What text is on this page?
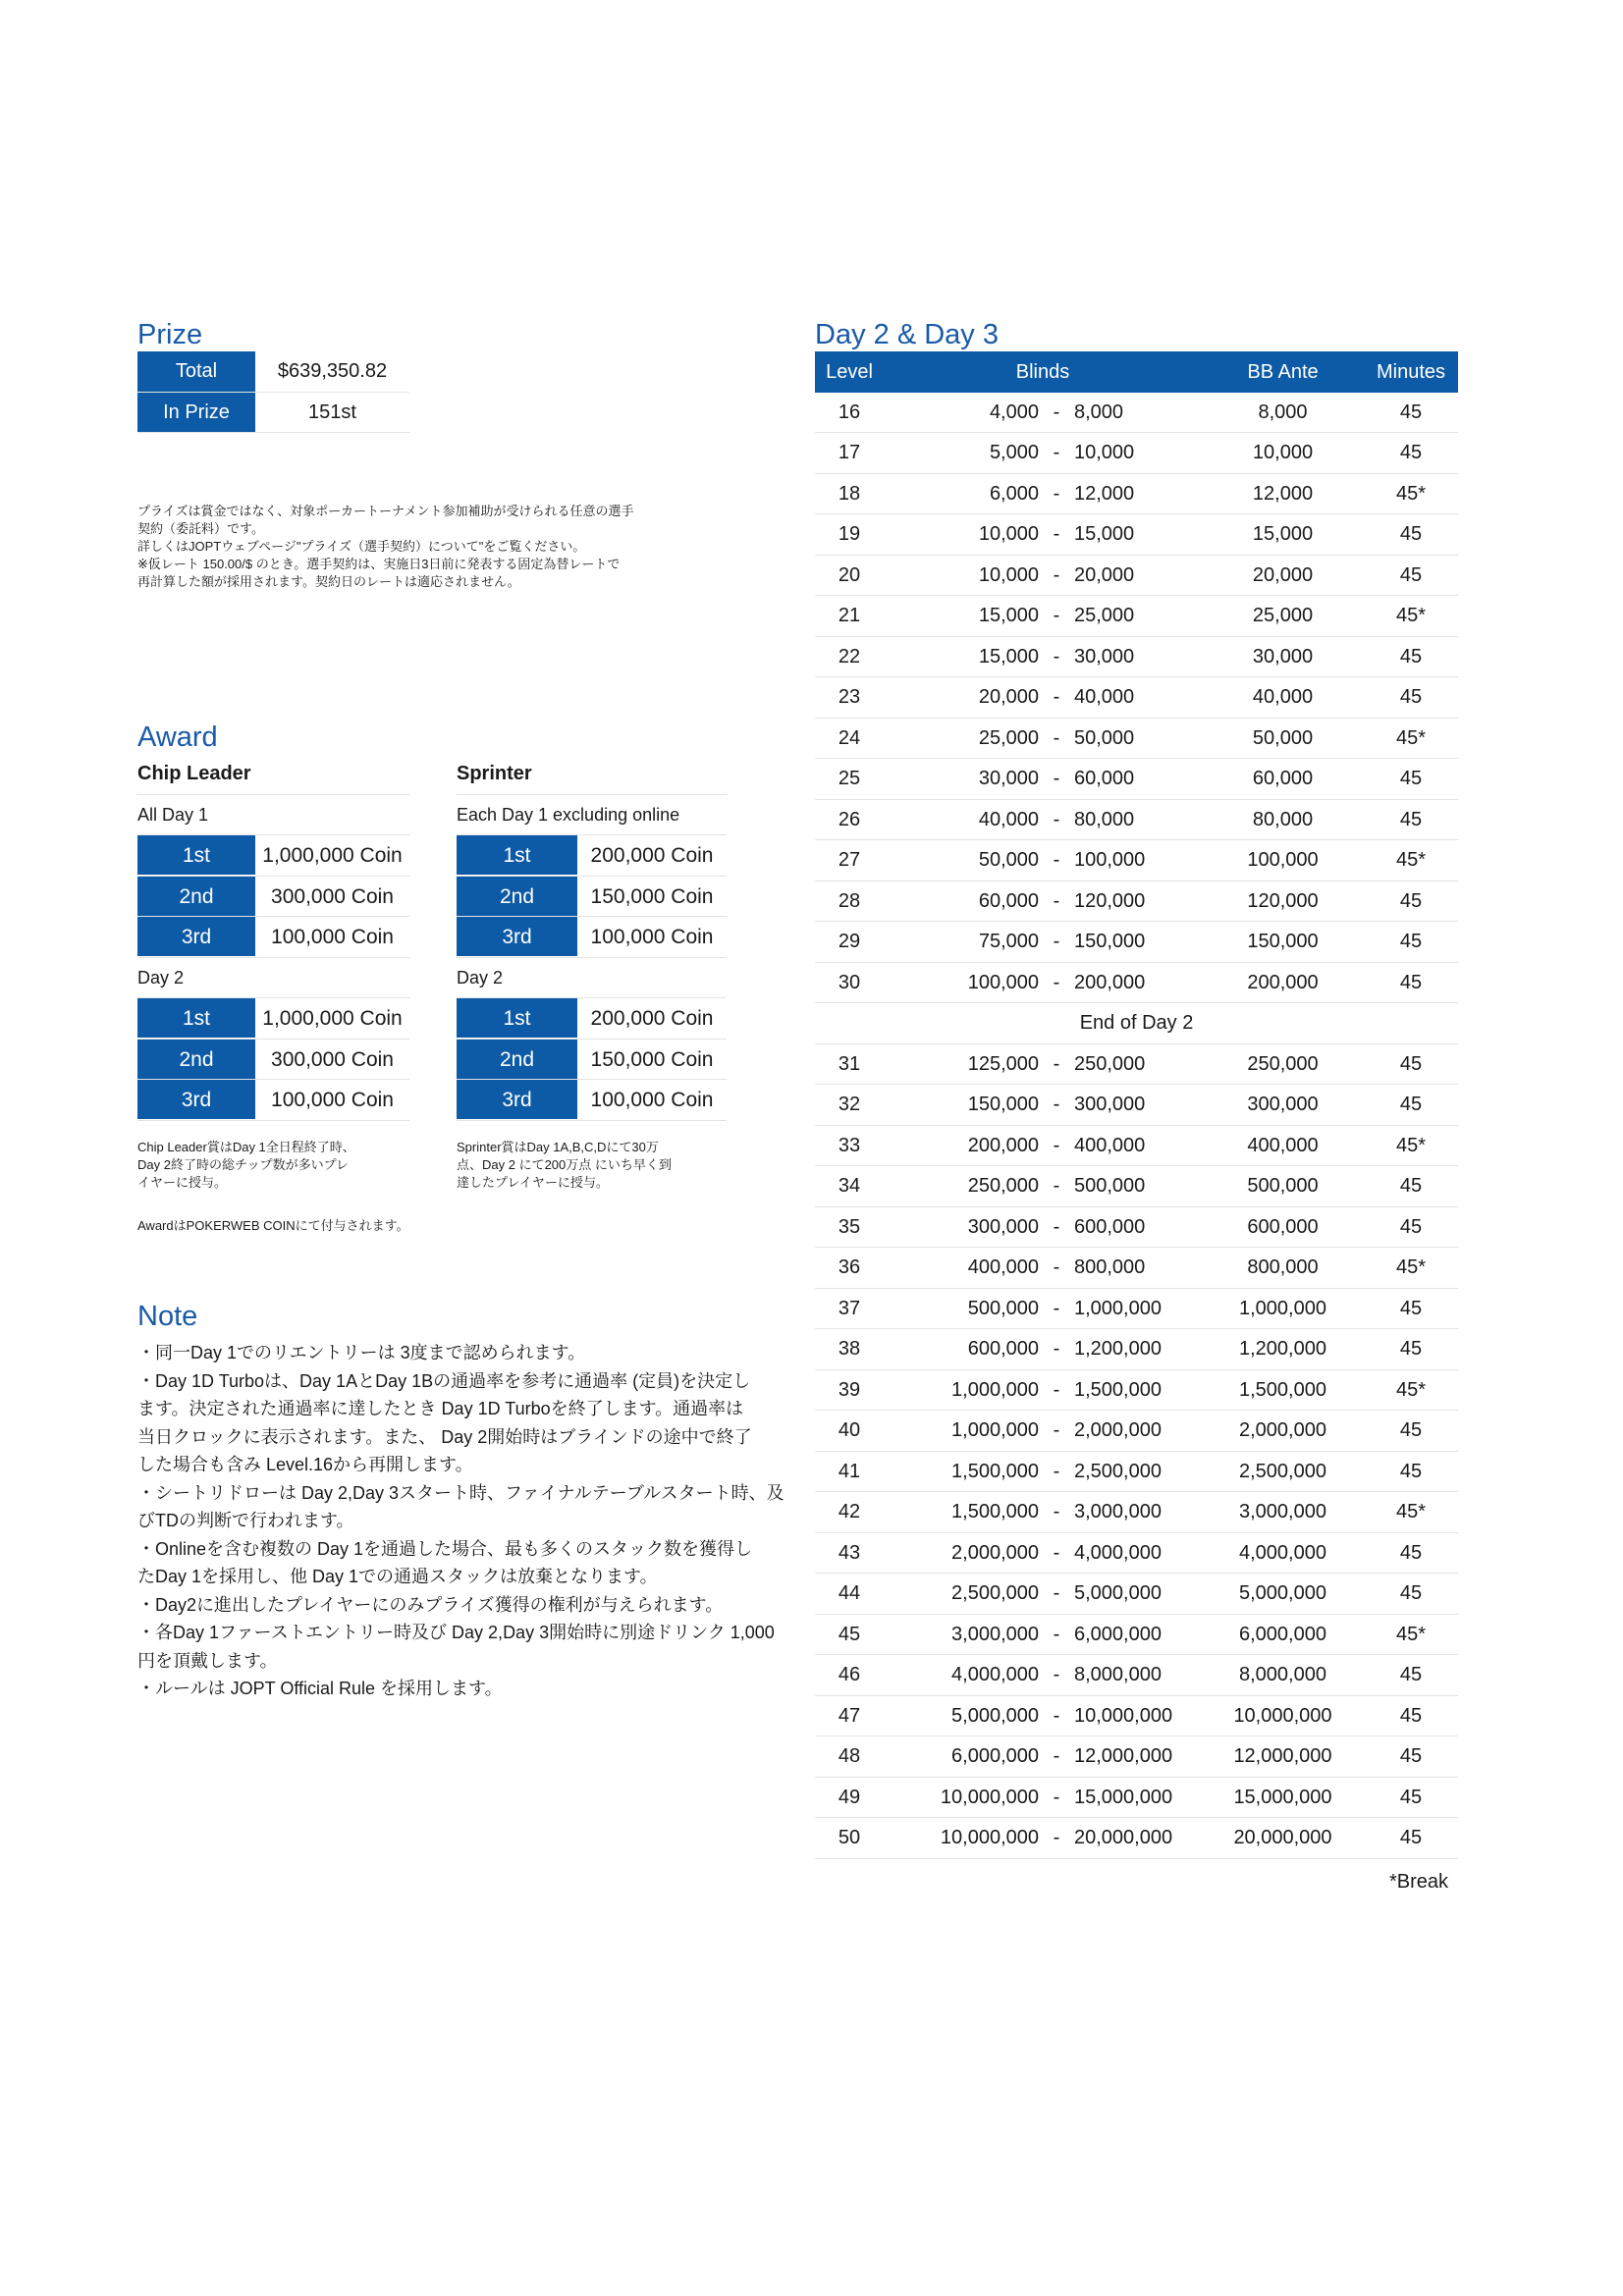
Prize
Total	$639,350.82
In Prize	151st
プライズは賞金ではなく、対象ポーカートーナメント参加補助が受けられる任意の選手
契約（委託料）です。
詳しくはJOPTウェブページ"プライズ（選手契約）について"をご覧ください。
※仮レート 150.00/$ のとき。選手契約は、実施日3日前に発表する固定為替レートで
再計算した額が採用されます。契約日のレートは適応されません。
Award
Chip Leader
All Day 1
1st	1,000,000 Coin
2nd	300,000 Coin
3rd	100,000 Coin
Day 2
1st	1,000,000 Coin
2nd	300,000 Coin
3rd	100,000 Coin
Chip Leader賞はDay 1全日程終了時、
Day 2終了時の総チップ数が多いプレ
イヤーに授与。
Sprinter
Each Day 1 excluding online
1st	200,000 Coin
2nd	150,000 Coin
3rd	100,000 Coin
Day 2
1st	200,000 Coin
2nd	150,000 Coin
3rd	100,000 Coin
Sprinter賞はDay 1A,B,C,Dにて30万
点、Day 2 にて200万点 にいち早く到
達したプレイヤーに授与。
AwardはPOKERWEB COINにて付与されます。
Note
・同一Day 1でのリエントリーは 3度まで認められます。
・Day 1D Turboは、Day 1AとDay 1Bの通過率を参考に通過率 (定員)を決定し
ます。決定された通過率に達したとき Day 1D Turboを終了します。通過率は
当日クロックに表示されます。また、 Day 2開始時はブラインドの途中で終了
した場合も含み Level.16から再開します。
・シートリドローは Day 2,Day 3スタート時、ファイナルテーブルスタート時、及
びTDの判断で行われます。
・Onlineを含む複数の Day 1を通過した場合、最も多くのスタック数を獲得し
たDay 1を採用し、他 Day 1での通過スタックは放棄となります。
・Day2に進出したプレイヤーにのみプライズ獲得の権利が与えられます。
・各Day 1ファーストエントリー時及び Day 2,Day 3開始時に別途ドリンク 1,000
円を頂戴します。
・ルールは JOPT Official Rule を採用します。
Day 2 & Day 3
Level	Blinds	BB Ante	Minutes
16	4,000 - 8,000	8,000	45
17	5,000 - 10,000	10,000	45
18	6,000 - 12,000	12,000	45*
19	10,000 - 15,000	15,000	45
20	10,000 - 20,000	20,000	45
21	15,000 - 25,000	25,000	45*
22	15,000 - 30,000	30,000	45
23	20,000 - 40,000	40,000	45
24	25,000 - 50,000	50,000	45*
25	30,000 - 60,000	60,000	45
26	40,000 - 80,000	80,000	45
27	50,000 - 100,000	100,000	45*
28	60,000 - 120,000	120,000	45
29	75,000 - 150,000	150,000	45
30	100,000 - 200,000	200,000	45
End of Day 2
31	125,000 - 250,000	250,000	45
32	150,000 - 300,000	300,000	45
33	200,000 - 400,000	400,000	45*
34	250,000 - 500,000	500,000	45
35	300,000 - 600,000	600,000	45
36	400,000 - 800,000	800,000	45*
37	500,000 - 1,000,000	1,000,000	45
38	600,000 - 1,200,000	1,200,000	45
39	1,000,000 - 1,500,000	1,500,000	45*
40	1,000,000 - 2,000,000	2,000,000	45
41	1,500,000 - 2,500,000	2,500,000	45
42	1,500,000 - 3,000,000	3,000,000	45*
43	2,000,000 - 4,000,000	4,000,000	45
44	2,500,000 - 5,000,000	5,000,000	45
45	3,000,000 - 6,000,000	6,000,000	45*
46	4,000,000 - 8,000,000	8,000,000	45
47	5,000,000 - 10,000,000	10,000,000	45
48	6,000,000 - 12,000,000	12,000,000	45
49	10,000,000 - 15,000,000	15,000,000	45
50	10,000,000 - 20,000,000	20,000,000	45
*Break
